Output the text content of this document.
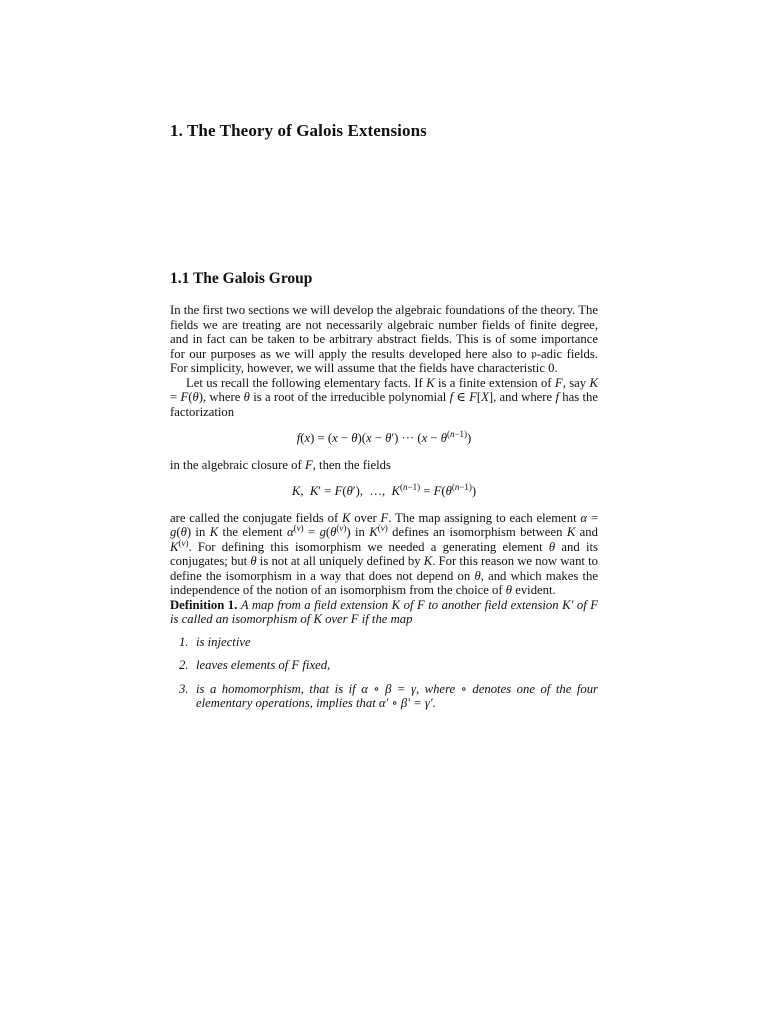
1. The Theory of Galois Extensions
1.1 The Galois Group

In the first two sections we will develop the algebraic foundations of the theory. The fields we are treating are not necessarily algebraic number fields of finite degree, and in fact can be taken to be arbitrary abstract fields. This is of some importance for our purposes as we will apply the results developed here also to 𝔭-adic fields. For simplicity, however, we will assume that the fields have characteristic 0.

Let us recall the following elementary facts. If K is a finite extension of F, say K = F(θ), where θ is a root of the irreducible polynomial f ∈ F[X], and where f has the factorization

f(x) = (x − θ)(x − θ′) ··· $(x - \theta^{(n-1)})$

in the algebraic closure of F, then the fields

K,  K′ = F(θ′),  …,  $K^{(n-1)} = F(\theta^{(n-1)})$

are called the conjugate fields of K over F. The map assigning to each element α = g(θ) in K the element $\alpha^{(\nu)} = g(\theta^{(\nu)})$ in $K^{(\nu)}$ defines an isomorphism between K and $K^{(\nu)}$. For defining this isomorphism we needed a generating element θ and its conjugates; but θ is not at all uniquely defined by K. For this reason we now want to define the isomorphism in a way that does not depend on θ, and which makes the independence of the notion of an isomorphism from the choice of θ evident.

Definition 1. A map from a field extension K of F to another field extension K′ of F is called an isomorphism of K over F if the map

1. is injective
2. leaves elements of F fixed,
3. is a homomorphism, that is if α ∘ β = γ, where ∘ denotes one of the four elementary operations, implies that α′ ∘ β′ = γ′.
